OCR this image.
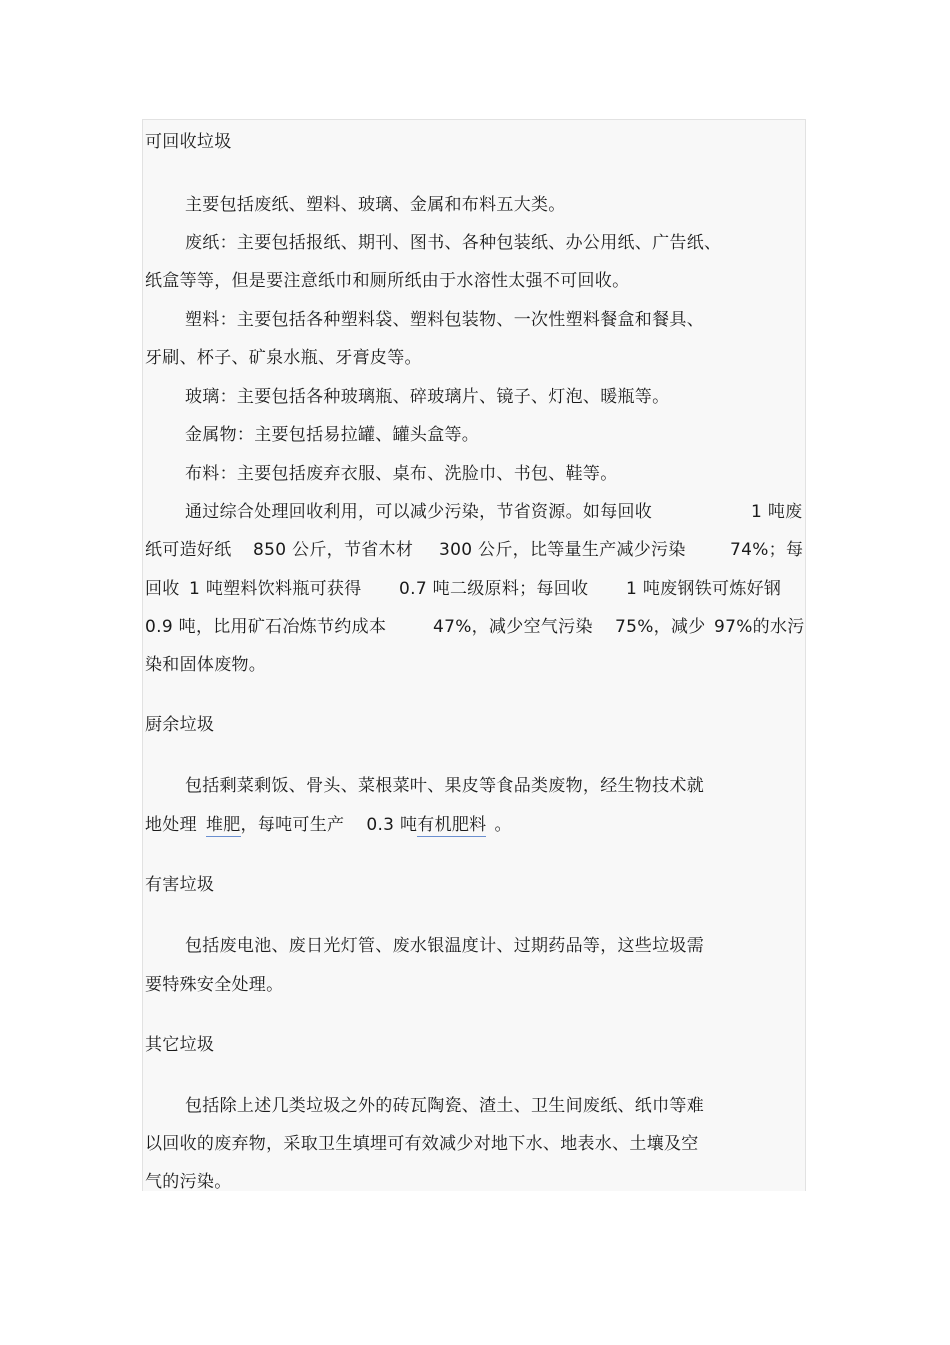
可回收垃圾
主要包括废纸、塑料、玻璃、金属和布料五大类。
废纸：主要包括报纸、期刊、图书、各种包装纸、办公用纸、广告纸、
纸盒等等，但是要注意纸巾和厕所纸由于水溶性太强不可回收。
塑料：主要包括各种塑料袋、塑料包装物、一次性塑料餐盒和餐具、
牙刷、杯子、矿泉水瓶、牙膏皮等。
玻璃：主要包括各种玻璃瓶、碎玻璃片、镜子、灯泡、暖瓶等。
金属物：主要包括易拉罐、罐头盒等。
布料：主要包括废弃衣服、桌布、洗脸巾、书包、鞋等。
通过综合处理回收利用，可以减少污染，节省资源。如每回收	1 吨废
纸可造好纸 850 公斤，节省木材 300 公斤，比等量生产减少污染	74%；每
回收 1 吨塑料饮料瓶可获得 0.7 吨二级原料；每回收 1 吨废钢铁可炼好钢
0.9 吨，比用矿石冶炼节约成本	47%，减少空气污染 75%，减少 97%的水污
染和固体废物。
厨余垃圾
包括剩菜剩饭、骨头、菜根菜叶、果皮等食品类废物，经生物技术就
地处理 堆肥，每吨可生产 0.3 吨有机肥料 。
有害垃圾
包括废电池、废日光灯管、废水银温度计、过期药品等，这些垃圾需
要特殊安全处理。
其它垃圾
包括除上述几类垃圾之外的砖瓦陶瓷、渣土、卫生间废纸、纸巾等难
以回收的废弃物，采取卫生填埋可有效减少对地下水、地表水、土壤及空
气的污染。
